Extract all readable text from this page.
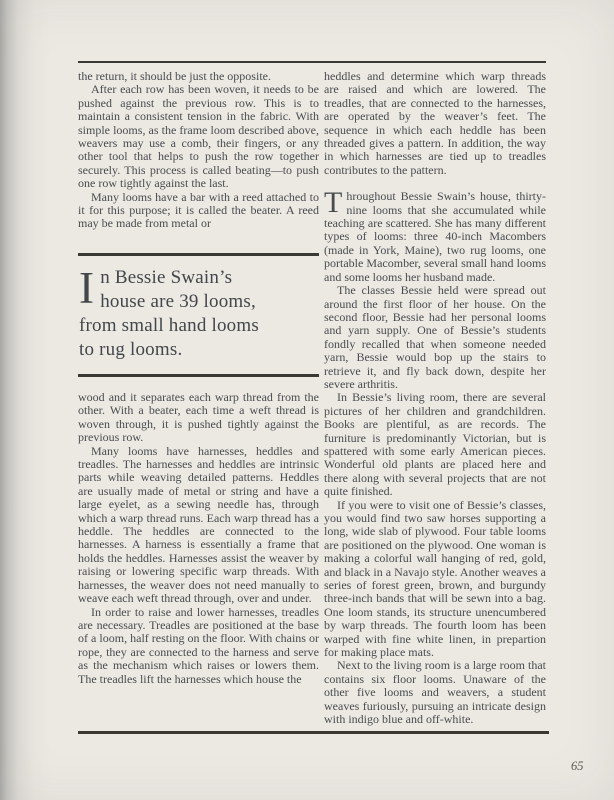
the return, it should be just the opposite.

After each row has been woven, it needs to be pushed against the previous row. This is to maintain a consistent tension in the fabric. With simple looms, as the frame loom described above, weavers may use a comb, their fingers, or any other tool that helps to push the row together securely. This process is called beating—to push one row tightly against the last.

Many looms have a bar with a reed attached to it for this purpose; it is called the beater. A reed may be made from metal or

I n Bessie Swain’s
house are 39 looms,
from small hand looms
to rug looms.

wood and it separates each warp thread from the other. With a beater, each time a weft thread is woven through, it is pushed tightly against the previous row.

Many looms have harnesses, heddles and treadles. The harnesses and heddles are intrinsic parts while weaving detailed patterns. Heddles are usually made of metal or string and have a large eyelet, as a sewing needle has, through which a warp thread runs. Each warp thread has a heddle. The heddles are connected to the harnesses. A harness is essentially a frame that holds the heddles. Harnesses assist the weaver by raising or lowering specific warp threads. With harnesses, the weaver does not need manually to weave each weft thread through, over and under.

In order to raise and lower harnesses, treadles are necessary. Treadles are positioned at the base of a loom, half resting on the floor. With chains or rope, they are connected to the harness and serve as the mechanism which raises or lowers them. The treadles lift the harnesses which house the

heddles and determine which warp threads are raised and which are lowered. The treadles, that are connected to the harnesses, are operated by the weaver’s feet. The sequence in which each heddle has been threaded gives a pattern. In addition, the way in which harnesses are tied up to treadles contributes to the pattern.

Throughout Bessie Swain’s house, thirty-nine looms that she accumulated while teaching are scattered. She has many different types of looms: three 40-inch Macombers (made in York, Maine), two rug looms, one portable Macomber, several small hand looms and some looms her husband made.

The classes Bessie held were spread out around the first floor of her house. On the second floor, Bessie had her personal looms and yarn supply. One of Bessie’s students fondly recalled that when someone needed yarn, Bessie would bop up the stairs to retrieve it, and fly back down, despite her severe arthritis.

In Bessie’s living room, there are several pictures of her children and grandchildren. Books are plentiful, as are records. The furniture is predominantly Victorian, but is spattered with some early American pieces. Wonderful old plants are placed here and there along with several projects that are not quite finished.

If you were to visit one of Bessie’s classes, you would find two saw horses supporting a long, wide slab of plywood. Four table looms are positioned on the plywood. One woman is making a colorful wall hanging of red, gold, and black in a Navajo style. Another weaves a series of forest green, brown, and burgundy three-inch bands that will be sewn into a bag. One loom stands, its structure unencumbered by warp threads. The fourth loom has been warped with fine white linen, in prepartion for making place mats.

Next to the living room is a large room that contains six floor looms. Unaware of the other five looms and weavers, a student weaves furiously, pursuing an intricate design with indigo blue and off-white.

65
